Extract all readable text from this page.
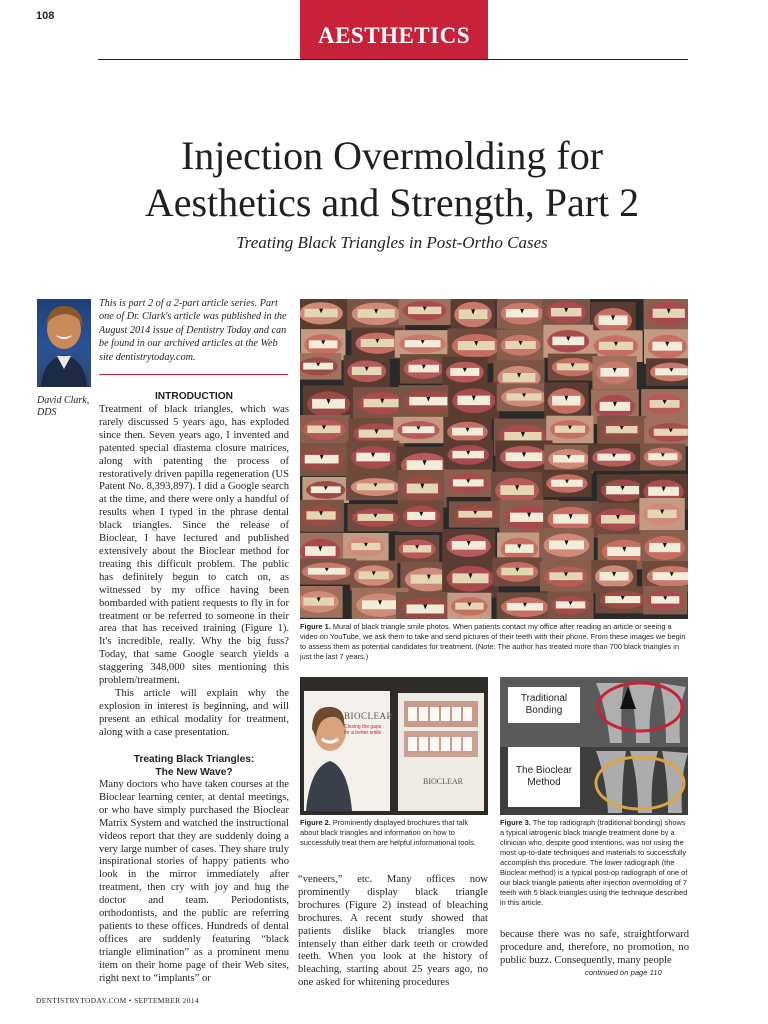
108
AESTHETICS
Injection Overmolding for
Aesthetics and Strength, Part 2
Treating Black Triangles in Post-Ortho Cases
David Clark,
DDS
This is part 2 of a 2-part article series. Part one of Dr. Clark's article was published in the August 2014 issue of Dentistry Today and can be found in our archived articles at the Web site dentistrytoday.com.
INTRODUCTION

Treatment of black triangles, which was rarely discussed 5 years ago, has exploded since then. Seven years ago, I invented and patented special diastema closure matrices, along with patenting the process of restoratively driven papilla regeneration (US Patent No. 8,393,897). I did a Google search at the time, and there were only a handful of results when I typed in the phrase dental black triangles. Since the release of Bioclear, I have lectured and published extensively about the Bioclear method for treating this difficult problem. The public has definitely begun to catch on, as witnessed by my office having been bombarded with patient requests to fly in for treatment or be referred to someone in their area that has received training (Figure 1). It's incredible, really. Why the big fuss? Today, that same Google search yields a staggering 348,000 sites mentioning this problem/treatment.

This article will explain why the explosion in interest is beginning, and will present an ethical modality for treatment, along with a case presentation.

Treating Black Triangles:
The New Wave?

Many doctors who have taken courses at the Bioclear learning center, at dental meetings, or who have simply purchased the Bioclear Matrix System and watched the instructional videos report that they are suddenly doing a very large number of cases. They share truly inspirational stories of happy patients who look in the mirror immediately after treatment, then cry with joy and hug the doctor and team. Periodontists, orthodontists, and the public are referring patients to these offices. Hundreds of dental offices are suddenly featuring “black triangle elimination” as a prominent menu item on their home page of their Web sites, right next to “implants” or

Figure 1. Mural of black triangle smile photos. When patients contact my office after reading an article or seeing a video on YouTube, we ask them to take and send pictures of their teeth with their phone. From these images we begin to assess them as potential candidates for treatment. (Note: The author has treated more than 700 black triangles in just the last 7 years.)
BIOCLEAR
Closing the gaps for a better smile
BIOCLEAR
Figure 2. Prominently displayed brochures that talk about black triangles and information on how to successfully treat them are helpful informational tools.
Traditional Bonding
The Bioclear Method
Figure 3. The top radiograph (traditional bonding) shows a typical iatrogenic black triangle treatment done by a clinician who, despite good intentions, was not using the most up-to-date techniques and materials to successfully accomplish this procedure. The lower radiograph (the Bioclear method) is a typical post-op radiograph of one of our black triangle patients after injection overmolding of 7 teeth with 5 black triangles using the technique described in this article.

“veneers,” etc. Many offices now prominently display black triangle brochures (Figure 2) instead of bleaching brochures. A recent study showed that patients dislike black triangles more intensely than either dark teeth or crowded teeth. When you look at the history of bleaching, starting about 25 years ago, no one asked for whitening procedures

because there was no safe, straightforward procedure and, therefore, no promotion, no public buzz. Consequently, many people

continued on page 110
DENTISTRYTODAY.COM • SEPTEMBER 2014
